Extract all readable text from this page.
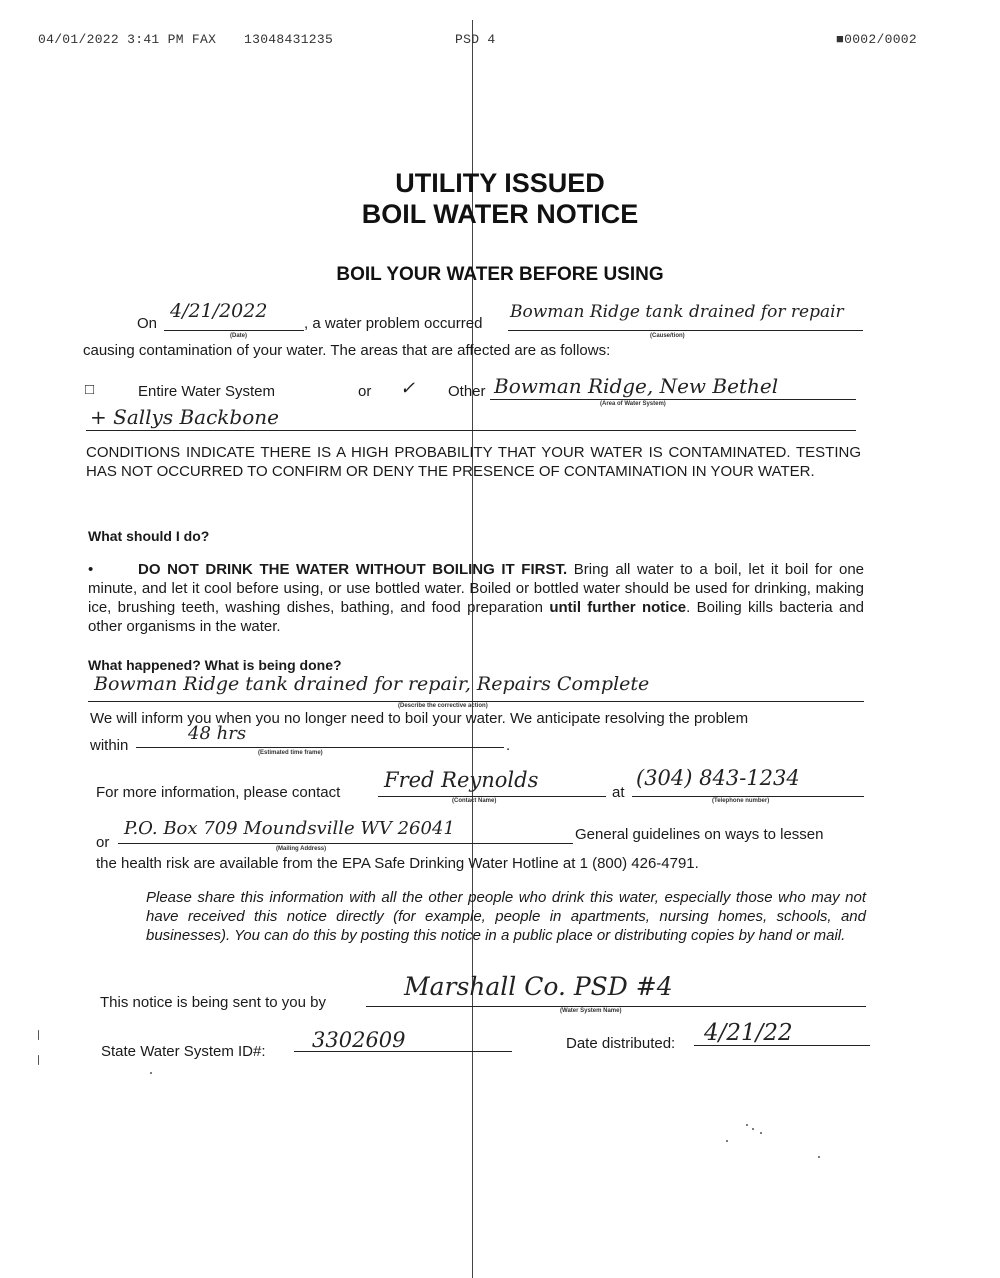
04/01/2022 3:41 PM FAX 13048431235	PSD 4	■0002/0002
UTILITY ISSUED
BOIL WATER NOTICE
BOIL YOUR WATER BEFORE USING
On
4/21/2022
(Date)
, a water problem occurred
Bowman Ridge tank drained for repair
(Cause/tion)
causing contamination of your water. The areas that are affected are as follows:
□	Entire Water System	or ✓ Other Bowman Ridge, New Bethel
(Area of Water System)
+ Sallys Backbone
CONDITIONS INDICATE THERE IS A HIGH PROBABILITY THAT YOUR WATER IS CONTAMINATED. TESTING HAS NOT OCCURRED TO CONFIRM OR DENY THE PRESENCE OF CONTAMINATION IN YOUR WATER.
What should I do?
•	DO NOT DRINK THE WATER WITHOUT BOILING IT FIRST. Bring all water to a boil, let it boil for one minute, and let it cool before using, or use bottled water. Boiled or bottled water should be used for drinking, making ice, brushing teeth, washing dishes, bathing, and food preparation until further notice. Boiling kills bacteria and other organisms in the water.
What happened? What is being done?
Bowman Ridge tank drained for repair, Repairs Complete
(Describe the corrective action)
We will inform you when you no longer need to boil your water. We anticipate resolving the problem
within
48 hrs
(Estimated time frame)	.
For more information, please contact
Fred Reynolds
(Contact Name)	at
(304) 843-1234
(Telephone number)
or
P.O. Box 709 Moundsville WV 26041
(Mailing Address)
General guidelines on ways to lessen
the health risk are available from the EPA Safe Drinking Water Hotline at 1 (800) 426-4791.
Please share this information with all the other people who drink this water, especially those who may not have received this notice directly (for example, people in apartments, nursing homes, schools, and businesses). You can do this by posting this notice in a public place or distributing copies by hand or mail.
This notice is being sent to you by
Marshall Co. PSD #4
(Water System Name)
State Water System ID#: 3302609	Date distributed: 4/21/22
